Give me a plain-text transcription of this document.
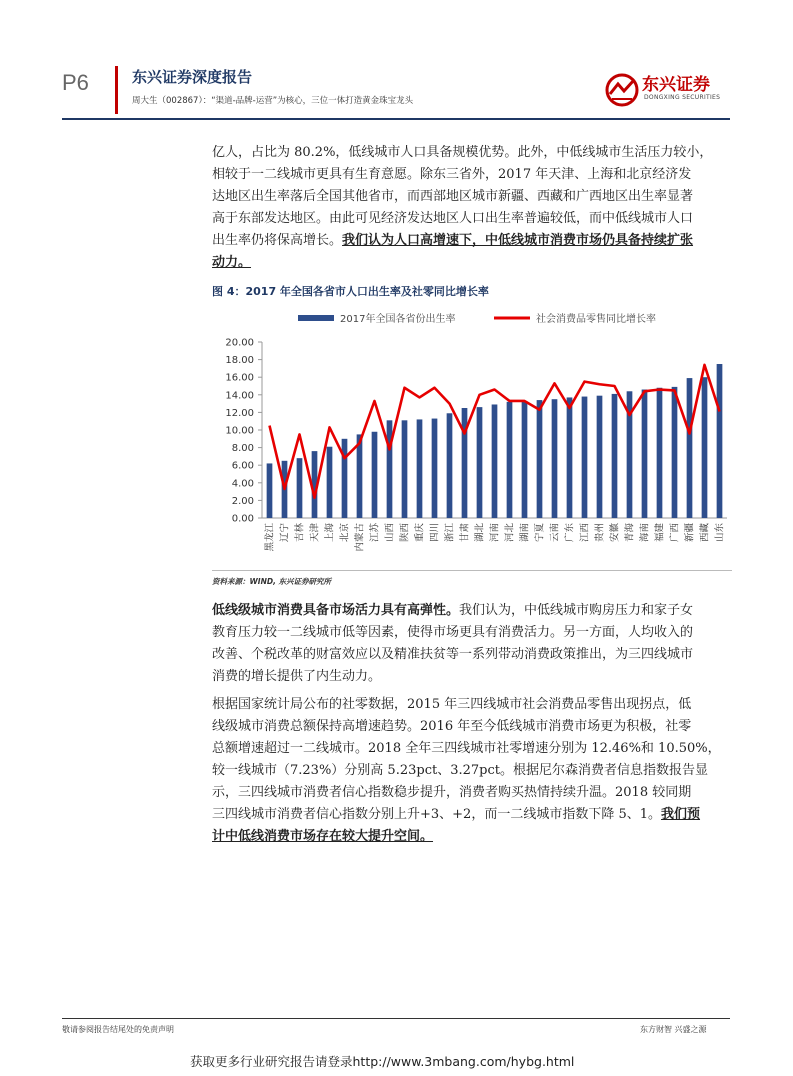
P6	东兴证券深度报告
周大生（002867）：“渠道-品牌-运营”为核心，三位一体打造黄金珠宝龙头
东兴证券
DONGXING SECURITIES
亿人，占比为 80.2%，低线城市人口具备规模优势。此外，中低线城市生活压力较小，
相较于一二线城市更具有生育意愿。除东三省外，2017 年天津、上海和北京经济发
达地区出生率落后全国其他省市，而西部地区城市新疆、西藏和广西地区出生率显著
高于东部发达地区。由此可见经济发达地区人口出生率普遍较低，而中低线城市人口
出生率仍将保高增长。我们认为人口高增速下，中低线城市消费市场仍具备持续扩张
动力。
图 4：2017 年全国各省市人口出生率及社零同比增长率
2017年全国各省份出生率	社会消费品零售同比增长率
0.00
2.00
4.00
6.00
8.00
10.00
12.00
14.00
16.00
18.00
20.00
黑龙江 辽宁 吉林 天津 上海 北京 内蒙古 江苏 山西 陕西 重庆 四川 浙江 甘肃 湖北 河南 河北 湖南 宁夏 云南 广东 江西 贵州 安徽 青海 海南 福建 广西 新疆 西藏 山东
资料来源：WIND, 东兴证券研究所
低线级城市消费具备市场活力具有高弹性。我们认为，中低线城市购房压力和家子女
教育压力较一二线城市低等因素，使得市场更具有消费活力。另一方面，人均收入的
改善、个税改革的财富效应以及精准扶贫等一系列带动消费政策推出，为三四线城市
消费的增长提供了内生动力。
根据国家统计局公布的社零数据，2015 年三四线城市社会消费品零售出现拐点，低
线级城市消费总额保持高增速趋势。2016 年至今低线城市消费市场更为积极，社零
总额增速超过一二线城市。2018 全年三四线城市社零增速分别为 12.46%和 10.50%，
较一线城市（7.23%）分别高 5.23pct、3.27pct。根据尼尔森消费者信息指数报告显
示，三四线城市消费者信心指数稳步提升，消费者购买热情持续升温。2018 较同期
三四线城市消费者信心指数分别上升+3、+2，而一二线城市指数下降 5、1。我们预
计中低线消费市场存在较大提升空间。
敬请参阅报告结尾处的免责声明	东方财智 兴盛之源
获取更多行业研究报告请登录http://www.3mbang.com/hybg.html
